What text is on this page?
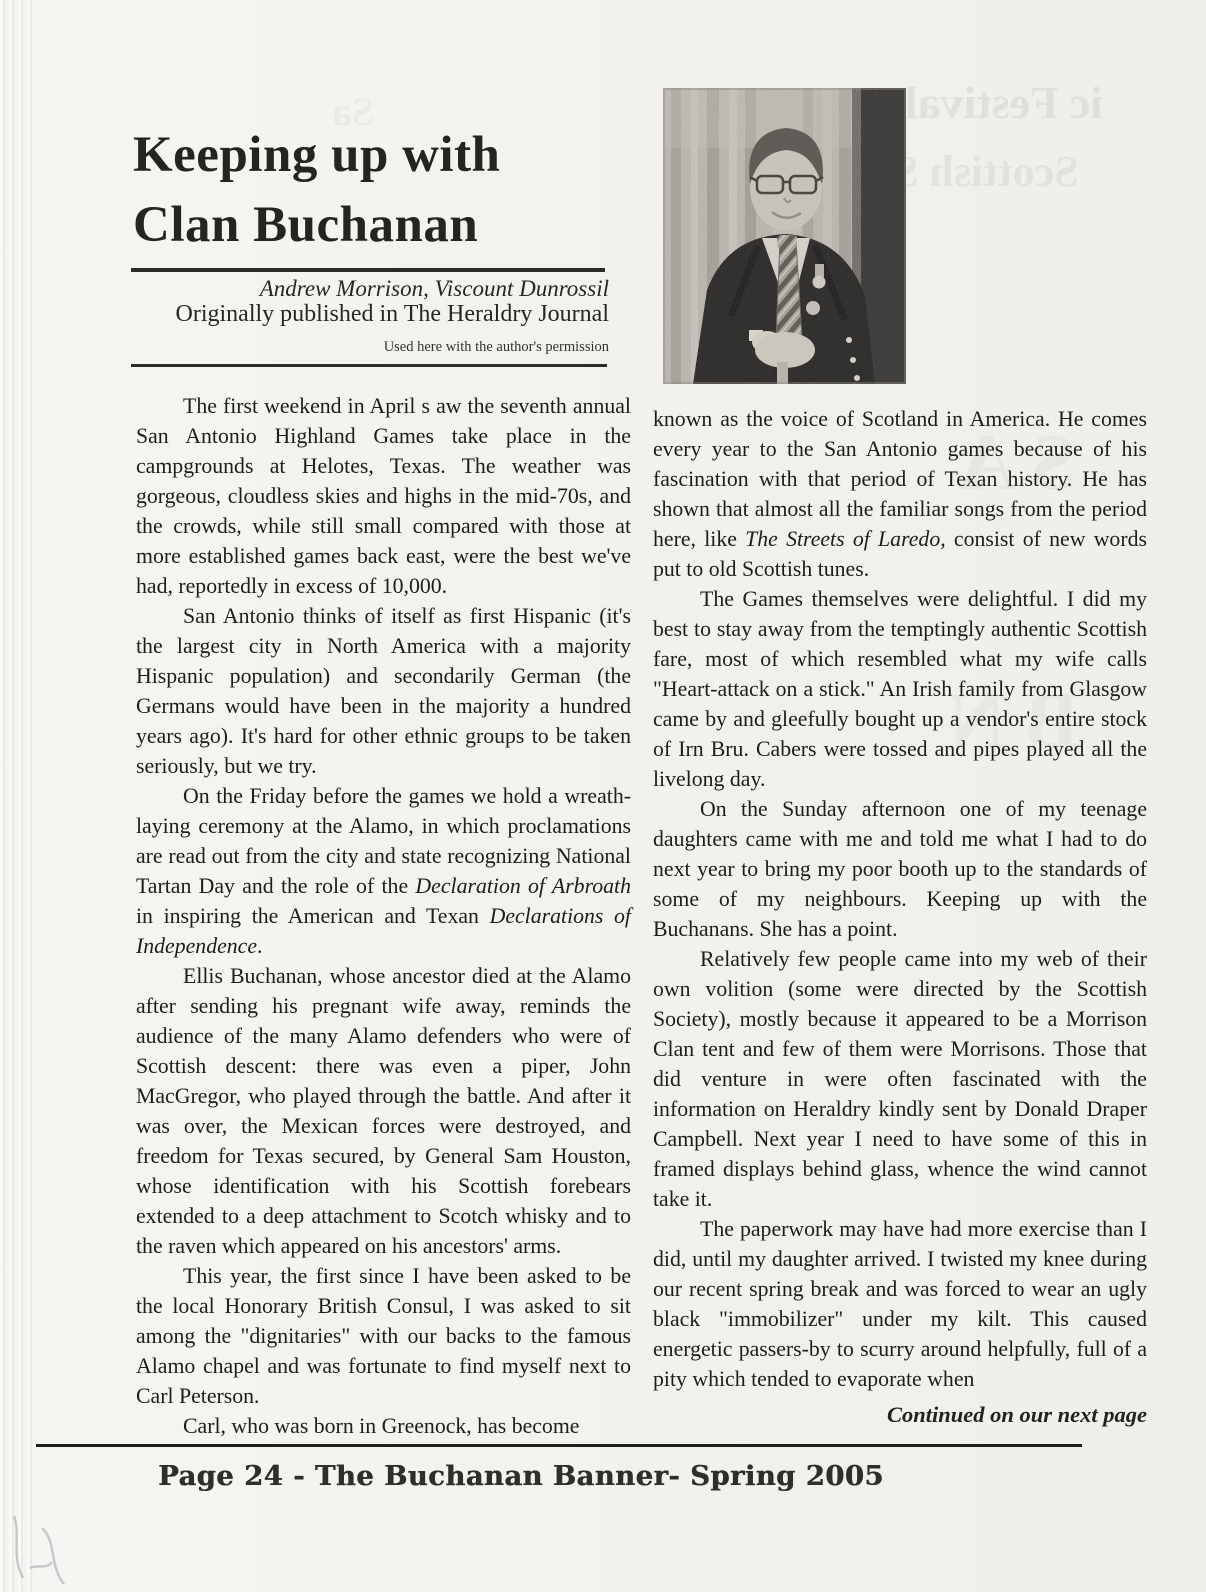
ic Festival
Scottish So
Sa
S A
B N
Keeping up with
Clan Buchanan
Andrew Morrison, Viscount Dunrossil
Originally published in The Heraldry Journal
Used here with the author's permission

The first weekend in April s aw the seventh annual San Antonio Highland Games take place in the campgrounds at Helotes, Texas. The weather was gorgeous, cloudless skies and highs in the mid-70s, and the crowds, while still small compared with those at more established games back east, were the best we've had, reportedly in excess of 10,000.

San Antonio thinks of itself as first Hispanic (it's the largest city in North America with a majority Hispanic population) and secondarily German (the Germans would have been in the majority a hundred years ago). It's hard for other ethnic groups to be taken seriously, but we try.

On the Friday before the games we hold a wreath-laying ceremony at the Alamo, in which proclamations are read out from the city and state recognizing National Tartan Day and the role of the Declaration of Arbroath in inspiring the American and Texan Declarations of Independence.

Ellis Buchanan, whose ancestor died at the Alamo after sending his pregnant wife away, reminds the audience of the many Alamo defenders who were of Scottish descent: there was even a piper, John MacGregor, who played through the battle. And after it was over, the Mexican forces were destroyed, and freedom for Texas secured, by General Sam Houston, whose identification with his Scottish forebears extended to a deep attachment to Scotch whisky and to the raven which appeared on his ancestors' arms.

This year, the first since I have been asked to be the local Honorary British Consul, I was asked to sit among the "dignitaries" with our backs to the famous Alamo chapel and was fortunate to find myself next to Carl Peterson.

Carl, who was born in Greenock, has become

known as the voice of Scotland in America. He comes every year to the San Antonio games because of his fascination with that period of Texan history. He has shown that almost all the familiar songs from the period here, like The Streets of Laredo, consist of new words put to old Scottish tunes.

The Games themselves were delightful. I did my best to stay away from the temptingly authentic Scottish fare, most of which resembled what my wife calls "Heart-attack on a stick." An Irish family from Glasgow came by and gleefully bought up a vendor's entire stock of Irn Bru. Cabers were tossed and pipes played all the livelong day.

On the Sunday afternoon one of my teenage daughters came with me and told me what I had to do next year to bring my poor booth up to the standards of some of my neighbours. Keeping up with the Buchanans. She has a point.

Relatively few people came into my web of their own volition (some were directed by the Scottish Society), mostly because it appeared to be a Morrison Clan tent and few of them were Morrisons. Those that did venture in were often fascinated with the information on Heraldry kindly sent by Donald Draper Campbell. Next year I need to have some of this in framed displays behind glass, whence the wind cannot take it.

The paperwork may have had more exercise than I did, until my daughter arrived. I twisted my knee during our recent spring break and was forced to wear an ugly black "immobilizer" under my kilt. This caused energetic passers-by to scurry around helpfully, full of a pity which tended to evaporate when

Continued on our next page

Page 24 - The Buchanan Banner- Spring 2005
